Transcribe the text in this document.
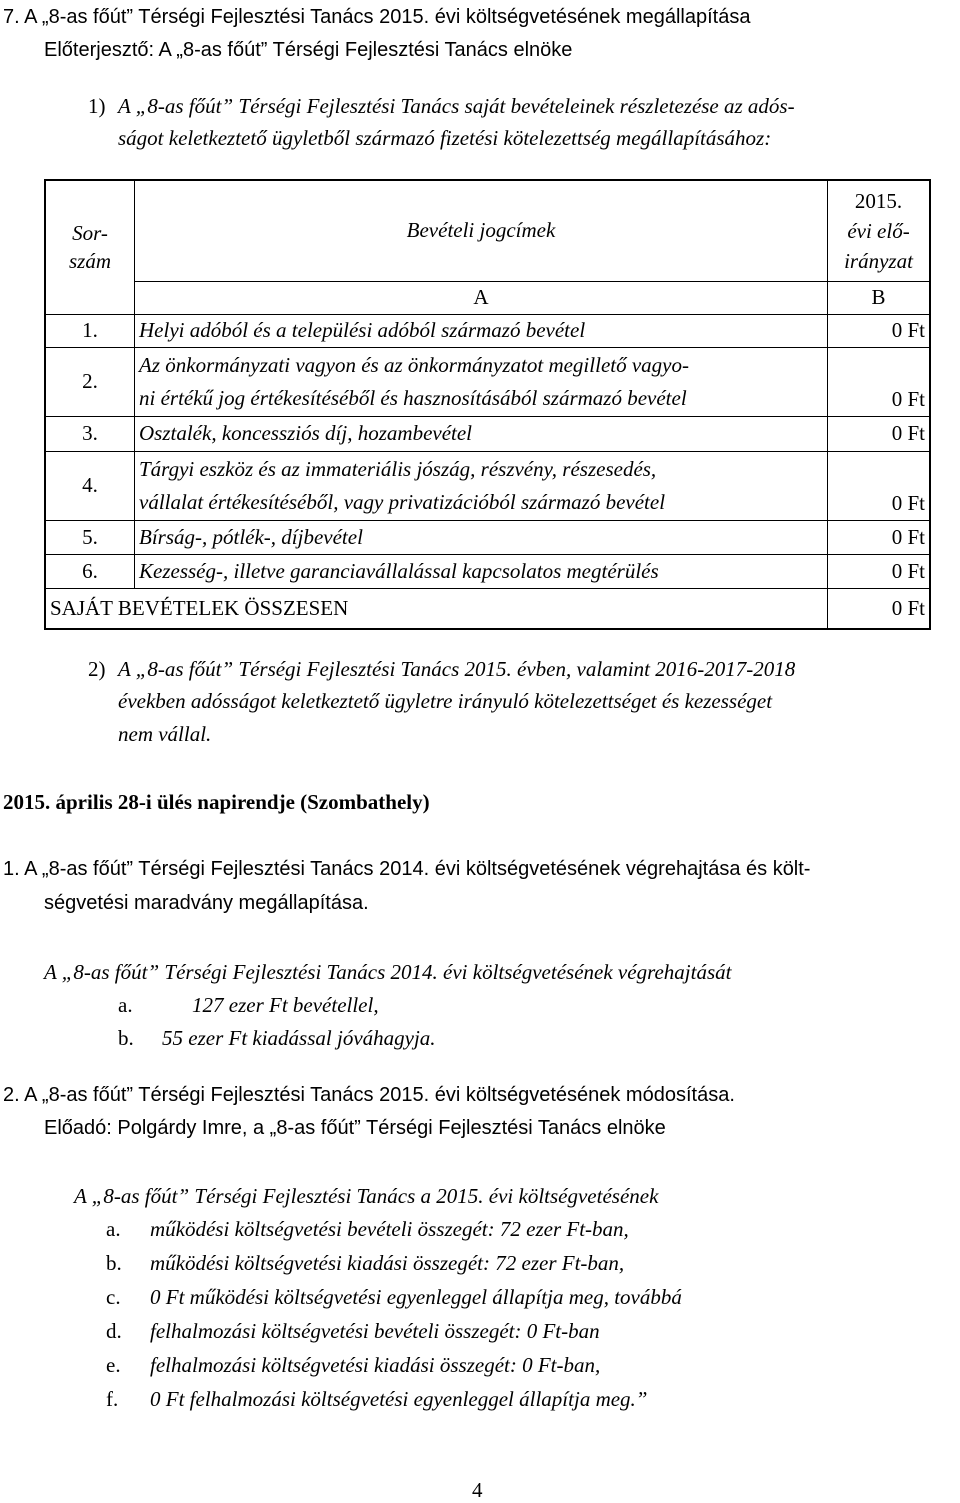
7. A „8-as főút” Térségi Fejlesztési Tanács 2015. évi költségvetésének megállapítása
Előterjesztő: A „8-as főút” Térségi Fejlesztési Tanács elnöke
1) A „8-as főút” Térségi Fejlesztési Tanács saját bevételeinek részletezése az adós-
ságot keletkeztető ügyletből származó fizetési kötelezettség megállapításához:
Sor-
szám	Bevételi jogcímek	2015.
évi elő-
irányzat

	A	B
1.	Helyi adóból és a települési adóból származó bevétel	0 Ft
2.	Az önkormányzati vagyon és az önkormányzatot megillető vagyo-
ni értékű jog értékesítéséből és hasznosításából származó bevétel	0 Ft
3.	Osztalék, koncessziós díj, hozambevétel	0 Ft
4.	Tárgyi eszköz és az immateriális jószág, részvény, részesedés,
vállalat értékesítéséből, vagy privatizációból származó bevétel	0 Ft
5.	Bírság-, pótlék-, díjbevétel	0 Ft
6.	Kezesség-, illetve garanciavállalással kapcsolatos megtérülés	0 Ft
SAJÁT BEVÉTELEK ÖSSZESEN		0 Ft
2) A „8-as főút” Térségi Fejlesztési Tanács 2015. évben, valamint 2016-2017-2018
években adósságot keletkeztető ügyletre irányuló kötelezettséget és kezességet
nem vállal.
2015. április 28-i ülés napirendje (Szombathely)
1. A „8-as főút” Térségi Fejlesztési Tanács 2014. évi költségvetésének végrehajtása és költ-
ségvetési maradvány megállapítása.
A „8-as főút” Térségi Fejlesztési Tanács 2014. évi költségvetésének végrehajtását
a.	127 ezer Ft bevétellel,
b. 55 ezer Ft kiadással jóváhagyja.
2. A „8-as főút” Térségi Fejlesztési Tanács 2015. évi költségvetésének módosítása.
Előadó: Polgárdy Imre, a „8-as főút” Térségi Fejlesztési Tanács elnöke
A „8-as főút” Térségi Fejlesztési Tanács a 2015. évi költségvetésének
a. működési költségvetési bevételi összegét: 72 ezer Ft-ban,
b. működési költségvetési kiadási összegét: 72 ezer Ft-ban,
c. 0 Ft működési költségvetési egyenleggel állapítja meg, továbbá
d. felhalmozási költségvetési bevételi összegét: 0 Ft-ban
e. felhalmozási költségvetési kiadási összegét: 0 Ft-ban,
f. 0 Ft felhalmozási költségvetési egyenleggel állapítja meg.”
4
